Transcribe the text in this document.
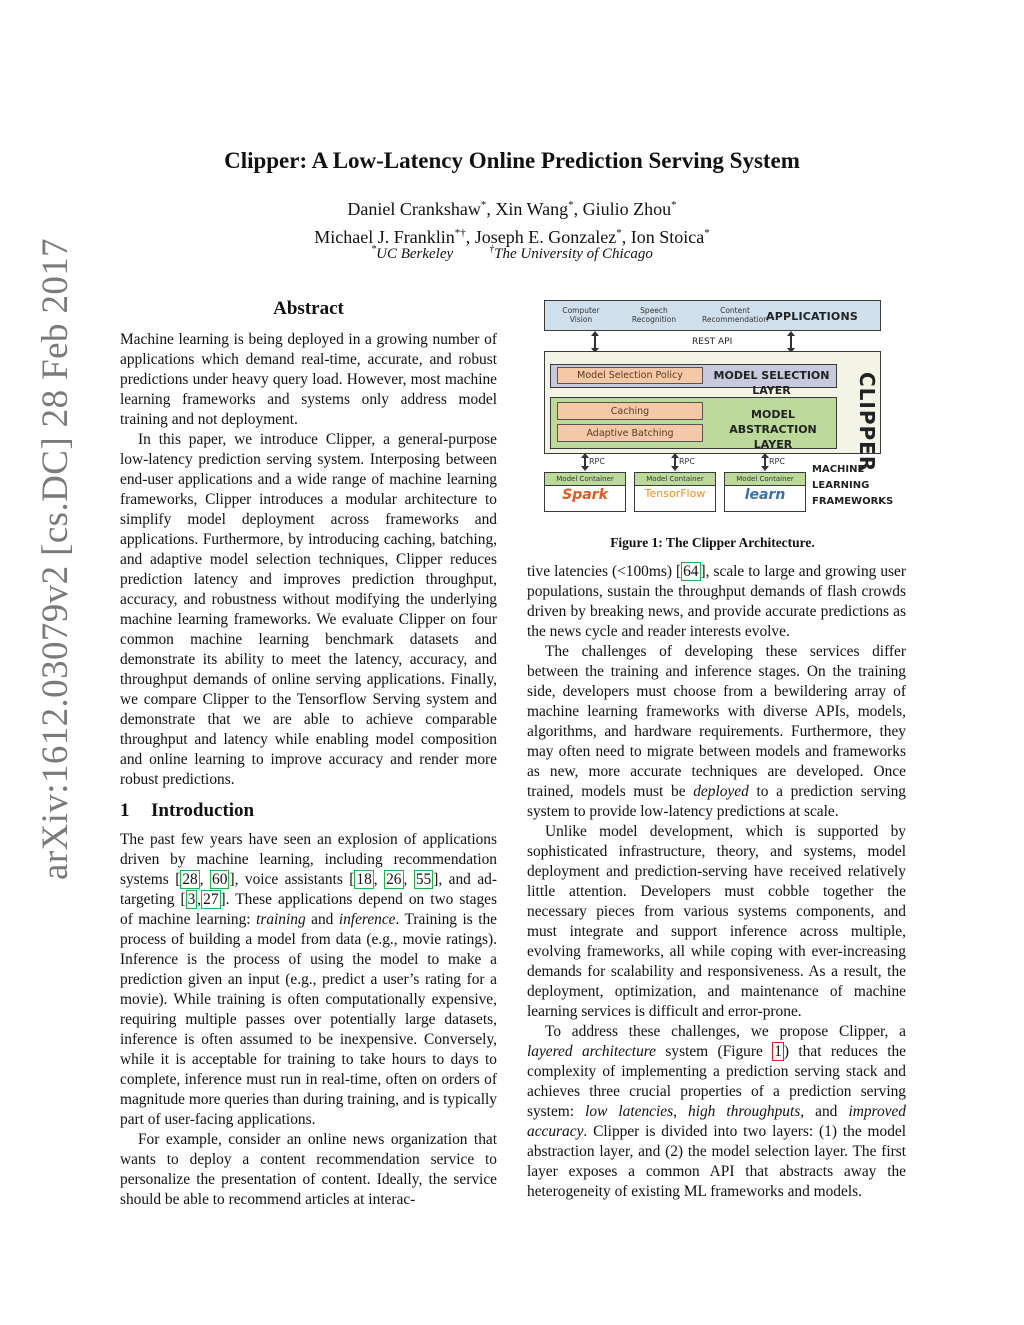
arXiv:1612.03079v2 [cs.DC] 28 Feb 2017
Clipper: A Low-Latency Online Prediction Serving System
Daniel Crankshaw*, Xin Wang*, Giulio Zhou*
Michael J. Franklin*†, Joseph E. Gonzalez*, Ion Stoica*
*UC Berkeley	†The University of Chicago
Abstract

Machine learning is being deployed in a growing number of applications which demand real-time, accurate, and robust predictions under heavy query load. However, most machine learning frameworks and systems only address model training and not deployment.

In this paper, we introduce Clipper, a general-purpose low-latency prediction serving system. Interposing between end-user applications and a wide range of machine learning frameworks, Clipper introduces a modular architecture to simplify model deployment across frameworks and applications. Furthermore, by introducing caching, batching, and adaptive model selection techniques, Clipper reduces prediction latency and improves prediction throughput, accuracy, and robustness without modifying the underlying machine learning frameworks. We evaluate Clipper on four common machine learning benchmark datasets and demonstrate its ability to meet the latency, accuracy, and throughput demands of online serving applications. Finally, we compare Clipper to the Tensorflow Serving system and demonstrate that we are able to achieve comparable throughput and latency while enabling model composition and online learning to improve accuracy and render more robust predictions.

1 Introduction

The past few years have seen an explosion of applications driven by machine learning, including recommendation systems [ 28 , 60 ], voice assistants [ 18 , 26 , 55 ], and ad-targeting [ 3 , 27 ]. These applications depend on two stages of machine learning: training and inference. Training is the process of building a model from data (e.g., movie ratings). Inference is the process of using the model to make a prediction given an input (e.g., predict a user’s rating for a movie). While training is often computationally expensive, requiring multiple passes over potentially large datasets, inference is often assumed to be inexpensive. Conversely, while it is acceptable for training to take hours to days to complete, inference must run in real-time, often on orders of magnitude more queries than during training, and is typically part of user-facing applications.

For example, consider an online news organization that wants to deploy a content recommendation service to personalize the presentation of content. Ideally, the service should be able to recommend articles at interac-

Computer Vision
Speech Recognition
Content Recommendation
APPLICATIONS
REST API
Model Selection Policy	MODEL SELECTION LAYER
Caching
Adaptive Batching
MODEL ABSTRACTION LAYER	CLIPPER
RPC	RPC	RPC
Model Container
Spark
Model Container
TensorFlow
Model Container
learn
MACHINE LEARNING FRAMEWORKS
Figure 1: The Clipper Architecture.

tive latencies (<100ms) [ 64 ], scale to large and growing user populations, sustain the throughput demands of flash crowds driven by breaking news, and provide accurate predictions as the news cycle and reader interests evolve.

The challenges of developing these services differ between the training and inference stages. On the training side, developers must choose from a bewildering array of machine learning frameworks with diverse APIs, models, algorithms, and hardware requirements. Furthermore, they may often need to migrate between models and frameworks as new, more accurate techniques are developed. Once trained, models must be deployed to a prediction serving system to provide low-latency predictions at scale.

Unlike model development, which is supported by sophisticated infrastructure, theory, and systems, model deployment and prediction-serving have received relatively little attention. Developers must cobble together the necessary pieces from various systems components, and must integrate and support inference across multiple, evolving frameworks, all while coping with ever-increasing demands for scalability and responsiveness. As a result, the deployment, optimization, and maintenance of machine learning services is difficult and error-prone.

To address these challenges, we propose Clipper, a layered architecture system (Figure 1 ) that reduces the complexity of implementing a prediction serving stack and achieves three crucial properties of a prediction serving system: low latencies, high throughputs, and improved accuracy. Clipper is divided into two layers: (1) the model abstraction layer, and (2) the model selection layer. The first layer exposes a common API that abstracts away the heterogeneity of existing ML frameworks and models.
